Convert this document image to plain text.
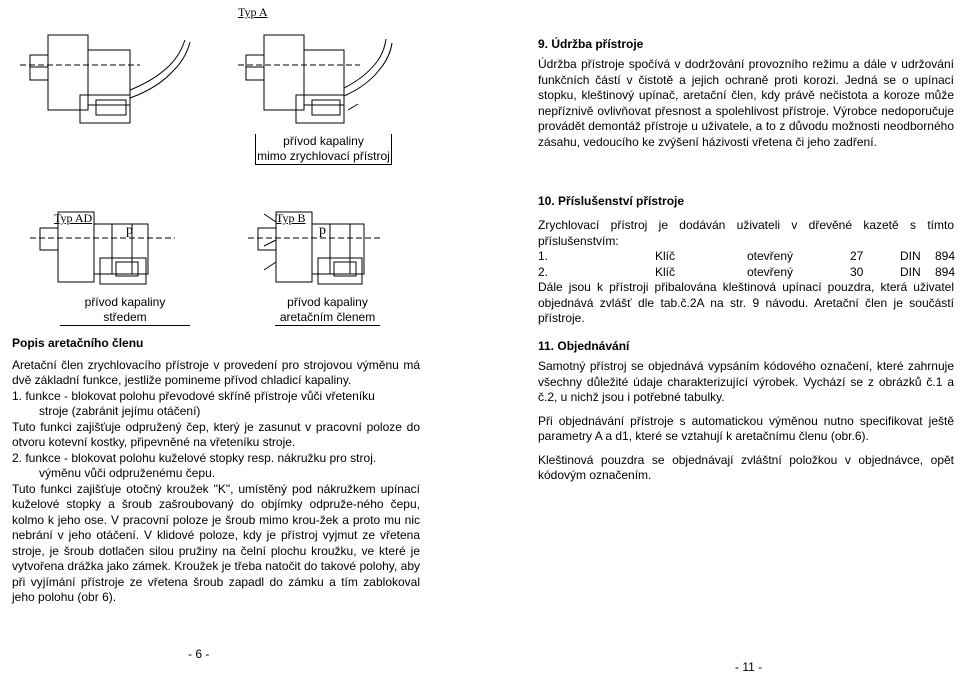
Typ A
Typ AD	Typ B
p	p
přívod kapaliny
mimo zrychlovací přístroj
přívod kapaliny
středem
přívod kapaliny
aretačním členem

Popis aretačního členu

Aretační člen zrychlovacího přístroje v provedení pro strojovou výměnu má dvě základní funkce, jestliže pomineme přívod chladicí kapaliny.

1. funkce - blokovat polohu převodové skříně přístroje vůči vřeteníku

stroje (zabránit jejímu otáčení)

Tuto funkci zajišťuje odpružený čep, který je zasunut v pracovní poloze do otvoru kotevní kostky, připevněné na vřeteníku stroje.

2. funkce - blokovat polohu kuželové stopky resp. nákružku pro stroj.

výměnu vůči odpruženému čepu.

Tuto funkci zajišťuje otočný kroužek "K", umístěný pod nákružkem upínací kuželové stopky a šroub zašroubovaný do objímky odpruže-ného čepu, kolmo k jeho ose. V pracovní poloze je šroub mimo krou-žek a proto mu nic nebrání v jeho otáčení. V klidové poloze, kdy je přístroj vyjmut ze vřetena stroje, je šroub dotlačen silou pružiny na čelní plochu kroužku, ve které je vytvořena drážka jako zámek. Kroužek je třeba natočit do takové polohy, aby při vyjímání přístroje ze vřetena šroub zapadl do zámku a tím zablokoval jeho polohu (obr 6).

- 6 -
9. Údržba přístroje

Údržba přístroje spočívá v dodržování provozního režimu a dále v udržování funkčních částí v čistotě a jejich ochraně proti korozi. Jedná se o upínací stopku, kleštinový upínač, aretační člen, kdy právě nečistota a koroze může nepříznivě ovlivňovat přesnost a spolehlivost přístroje. Výrobce nedoporučuje provádět demontáž přístroje u uživatele, a to z důvodu možnosti neodborného zásahu, vedoucího ke zvýšení házivosti vřetena či jeho zadření.

10. Příslušenství přístroje

Zrychlovací přístroj je dodáván uživateli v dřevěné kazetě s tímto příslušenstvím:

1.	Klíč	otevřený	27	DIN	894
2.	Klíč	otevřený	30	DIN	894

Dále jsou k přístroji přibalována kleštinová upínací pouzdra, která uživatel objednává zvlášť dle tab.č.2A na str. 9 návodu. Aretační člen je součástí přístroje.

11. Objednávání

Samotný přístroj se objednává vypsáním kódového označení, které zahrnuje všechny důležité údaje charakterizující výrobek. Vychází se z obrázků č.1 a č.2, u nichž jsou i potřebné tabulky.

Při objednávání přístroje s automatickou výměnou nutno specifikovat ještě parametry A a d1, které se vztahují k aretačnímu členu (obr.6).

Kleštinová pouzdra se objednávají zvláštní položkou v objednávce, opět kódovým označením.

- 11 -
